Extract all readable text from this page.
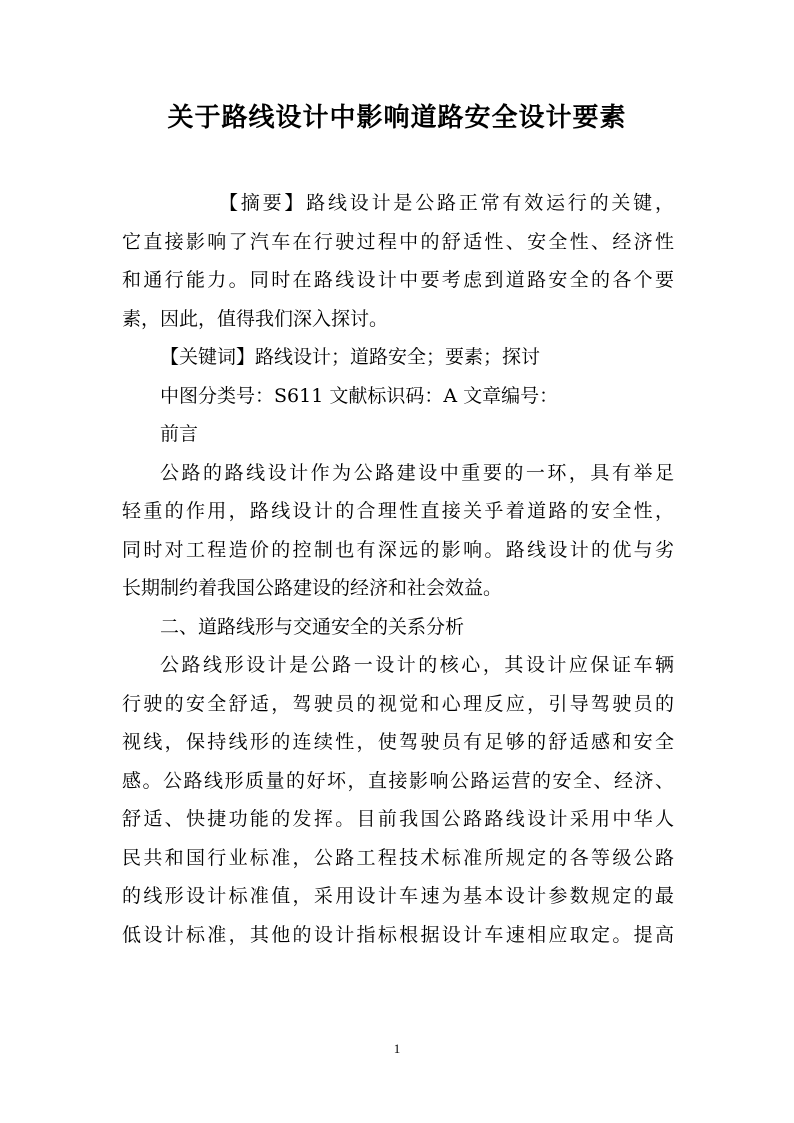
关于路线设计中影响道路安全设计要素
【摘要】路线设计是公路正常有效运行的关键，
它直接影响了汽车在行驶过程中的舒适性、安全性、经济性
和通行能力。同时在路线设计中要考虑到道路安全的各个要
素，因此，值得我们深入探讨。
【关键词】路线设计；道路安全；要素；探讨
中图分类号：S611 文献标识码：A 文章编号：
前言
公路的路线设计作为公路建设中重要的一环，具有举足
轻重的作用，路线设计的合理性直接关乎着道路的安全性，
同时对工程造价的控制也有深远的影响。路线设计的优与劣
长期制约着我国公路建设的经济和社会效益。
二、道路线形与交通安全的关系分析
公路线形设计是公路一设计的核心，其设计应保证车辆
行驶的安全舒适，驾驶员的视觉和心理反应，引导驾驶员的
视线，保持线形的连续性，使驾驶员有足够的舒适感和安全
感。公路线形质量的好坏，直接影响公路运营的安全、经济、
舒适、快捷功能的发挥。目前我国公路路线设计采用中华人
民共和国行业标准，公路工程技术标准所规定的各等级公路
的线形设计标准值，采用设计车速为基本设计参数规定的最
低设计标准，其他的设计指标根据设计车速相应取定。提高
1
